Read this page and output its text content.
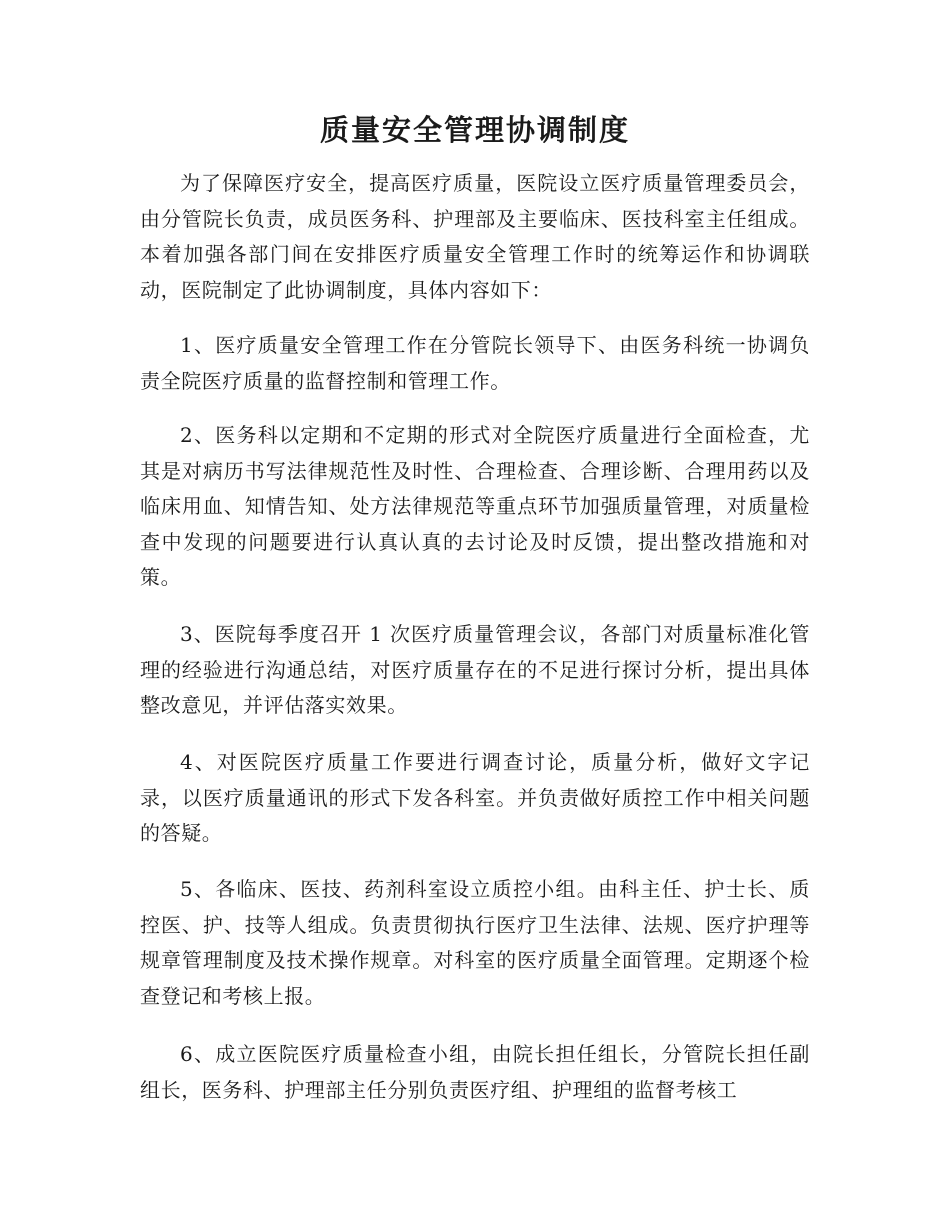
质量安全管理协调制度

为了保障医疗安全，提高医疗质量，医院设立医疗质量管理委员会，由分管院长负责，成员医务科、护理部及主要临床、医技科室主任组成。本着加强各部门间在安排医疗质量安全管理工作时的统筹运作和协调联动，医院制定了此协调制度，具体内容如下：

1、医疗质量安全管理工作在分管院长领导下、由医务科统一协调负责全院医疗质量的监督控制和管理工作。

2、医务科以定期和不定期的形式对全院医疗质量进行全面检查，尤其是对病历书写法律规范性及时性、合理检查、合理诊断、合理用药以及临床用血、知情告知、处方法律规范等重点环节加强质量管理，对质量检查中发现的问题要进行认真认真的去讨论及时反馈，提出整改措施和对策。

3、医院每季度召开 1 次医疗质量管理会议，各部门对质量标准化管理的经验进行沟通总结，对医疗质量存在的不足进行探讨分析，提出具体整改意见，并评估落实效果。

4、对医院医疗质量工作要进行调查讨论，质量分析，做好文字记录，以医疗质量通讯的形式下发各科室。并负责做好质控工作中相关问题的答疑。

5、各临床、医技、药剂科室设立质控小组。由科主任、护士长、质控医、护、技等人组成。负责贯彻执行医疗卫生法律、法规、医疗护理等规章管理制度及技术操作规章。对科室的医疗质量全面管理。定期逐个检查登记和考核上报。

6、成立医院医疗质量检查小组，由院长担任组长，分管院长担任副组长，医务科、护理部主任分别负责医疗组、护理组的监督考核工
